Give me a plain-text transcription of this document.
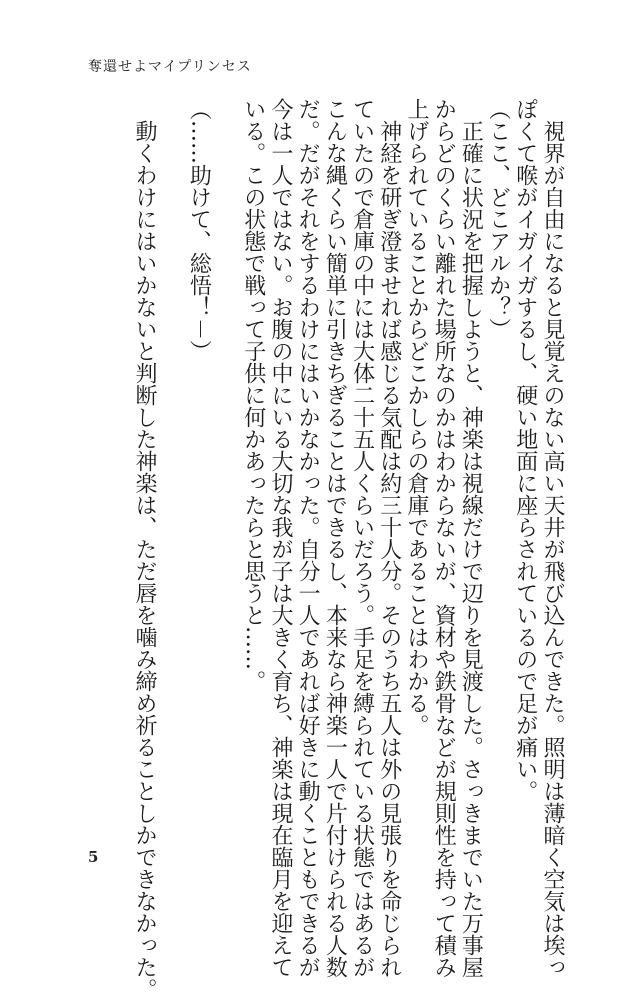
奪還せよマイプリンセス
　視界が自由になると見覚えのない高い天井が飛び込んできた。照明は薄暗く空気は埃っ
ぽくて喉がイガイガするし、硬い地面に座らされているので足が痛い。
（ここ、どこアルか？）
　正確に状況を把握しようと、神楽は視線だけで辺りを見渡した。さっきまでいた万事屋
からどのくらい離れた場所なのかはわからないが、資材や鉄骨などが規則性を持って積み
上げられていることからどこかしらの倉庫であることはわかる。
　神経を研ぎ澄ませれば感じる気配は約三十人分。そのうち五人は外の見張りを命じられ
ていたので倉庫の中には大体二十五人くらいだろう。手足を縛られている状態ではあるが
こんな縄くらい簡単に引きちぎることはできるし、本来なら神楽一人で片付けられる人数
だ。だがそれをするわけにはいかなかった。自分一人であれば好きに動くこともできるが
今は一人ではない。お腹の中にいる大切な我が子は大きく育ち、神楽は現在臨月を迎えて
いる。この状態で戦って子供に何かあったらと思うと……。
（……助けて、総悟！－）
　動くわけにはいかないと判断した神楽は、ただ唇を噛み締め祈ることしかできなかった。
5
